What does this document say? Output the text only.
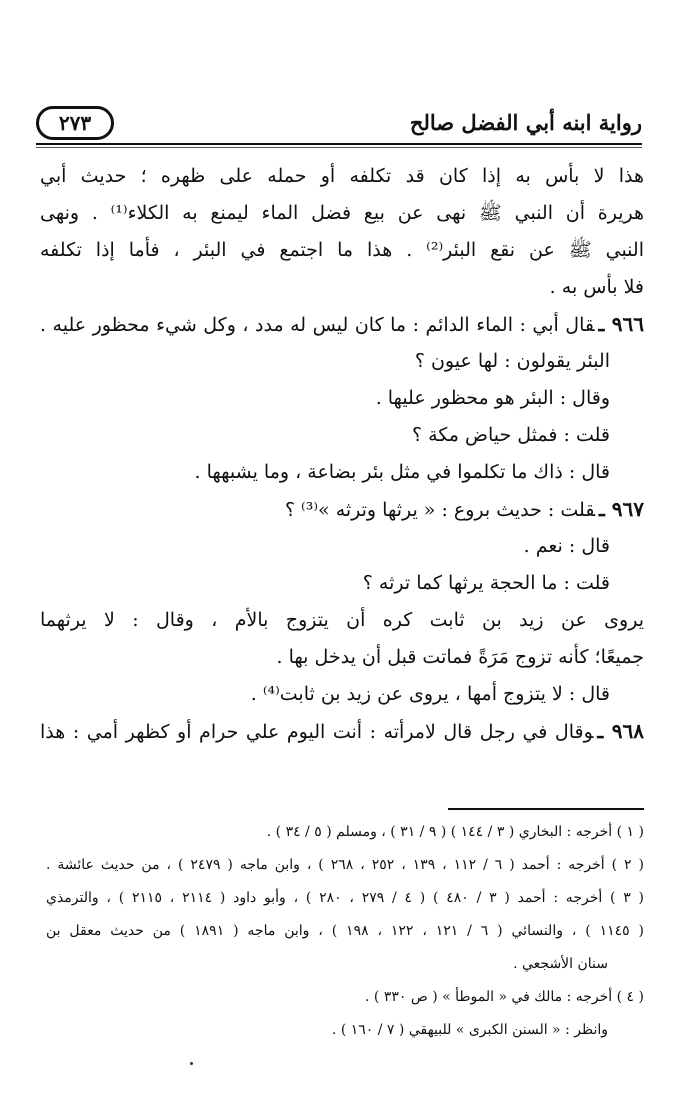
رواية ابنه أبي الفضل صالح
٢٧٣
هذا لا بأس به إذا كان قد تكلفه أو حمله على ظهره ؛ حديث أبي
هريرة أن النبي ﷺ نهى عن بيع فضل الماء ليمنع به الكلاء⁽¹⁾ . ونهى
النبي ﷺ عن نقع البئر⁽²⁾ . هذا ما اجتمع في البئر ، فأما إذا تكلفه
فلا بأس به .
٩٦٦ ـقال أبي : الماء الدائم : ما كان ليس له مدد ، وكل شيء محظور عليه .
البئر يقولون : لها عيون ؟
وقال : البئر هو محظور عليها .
قلت : فمثل حياض مكة ؟
قال : ذاك ما تكلموا في مثل بئر بضاعة ، وما يشبهها .
٩٦٧ ـقلت : حديث بروع : « يرثها وترثه »⁽³⁾ ؟
قال : نعم .
قلت : ما الحجة يرثها كما ترثه ؟
يروى عن زيد بن ثابت كره أن يتزوج بالأم ، وقال : لا يرثهما
جميعًا؛ كأنه تزوج مَرَةً فماتت قبل أن يدخل بها .
قال : لا يتزوج أمها ، يروى عن زيد بن ثابت⁽⁴⁾ .
٩٦٨ ـوقال في رجل قال لامرأته : أنت اليوم علي حرام أو كظهر أمي : هذا
( ١ ) أخرجه : البخاري ( ٣ / ١٤٤ ) ( ٩ / ٣١ ) ، ومسلم ( ٥ / ٣٤ ) .
( ٢ ) أخرجه : أحمد ( ٦ / ١١٢ ، ١٣٩ ، ٢٥٢ ، ٢٦٨ ) ، وابن ماجه ( ٢٤٧٩ ) ، من حديث عائشة .
( ٣ ) أخرجه : أحمد ( ٣ / ٤٨٠ ) ( ٤ / ٢٧٩ ، ٢٨٠ ) ، وأبو داود ( ٢١١٤ ، ٢١١٥ ) ، والترمذي
( ١١٤٥ ) ، والنسائي ( ٦ / ١٢١ ، ١٢٢ ، ١٩٨ ) ، وابن ماجه ( ١٨٩١ ) من حديث معقل بن
سنان الأشجعي .
( ٤ ) أخرجه : مالك في « الموطأ » ( ص ٣٣٠ ) .
وانظر : « السنن الكبرى » للبيهقي ( ٧ / ١٦٠ ) .
